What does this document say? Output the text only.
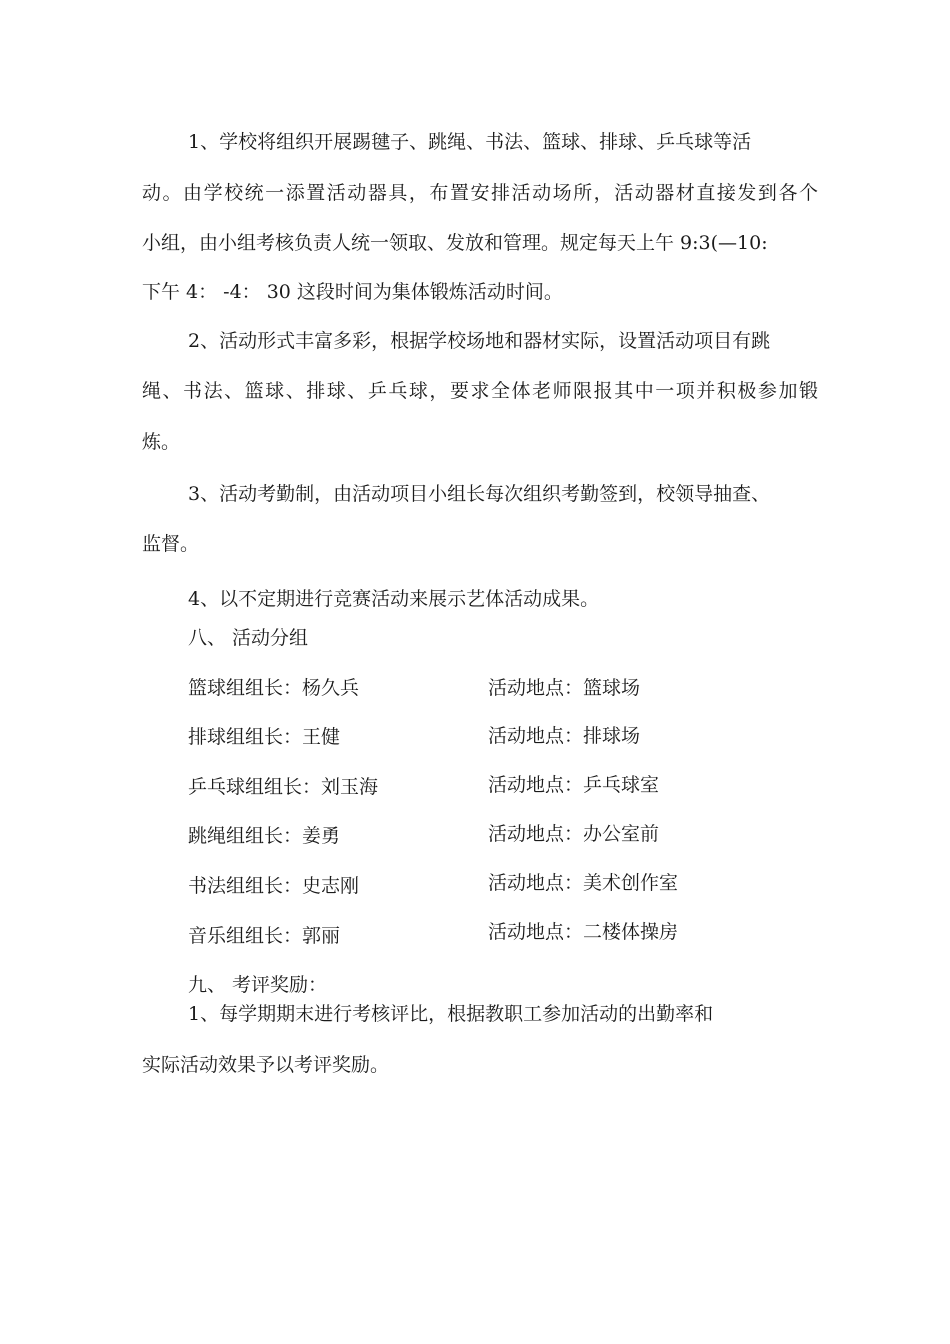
1、学校将组织开展踢毽子、跳绳、书法、篮球、排球、乒乓球等活
动。由学校统一添置活动器具，布置安排活动场所，活动器材直接发到各个
小组，由小组考核负责人统一领取、发放和管理。规定每天上午 9:3(—10:
下午 4： -4： 30 这段时间为集体锻炼活动时间。
2、活动形式丰富多彩，根据学校场地和器材实际，设置活动项目有跳
绳、书法、篮球、排球、乒乓球，要求全体老师限报其中一项并积极参加锻
炼。
3、活动考勤制，由活动项目小组长每次组织考勤签到，校领导抽查、
监督。
4、以不定期进行竞赛活动来展示艺体活动成果。
八、 活动分组
篮球组组长：杨久兵	活动地点：篮球场
排球组组长：王健	活动地点：排球场
乒乓球组组长：刘玉海	活动地点：乒乓球室
跳绳组组长：姜勇	活动地点：办公室前
书法组组长：史志刚	活动地点：美术创作室
音乐组组长：郭丽	活动地点：二楼体操房
九、 考评奖励：
1、每学期期末进行考核评比，根据教职工参加活动的出勤率和
实际活动效果予以考评奖励。
